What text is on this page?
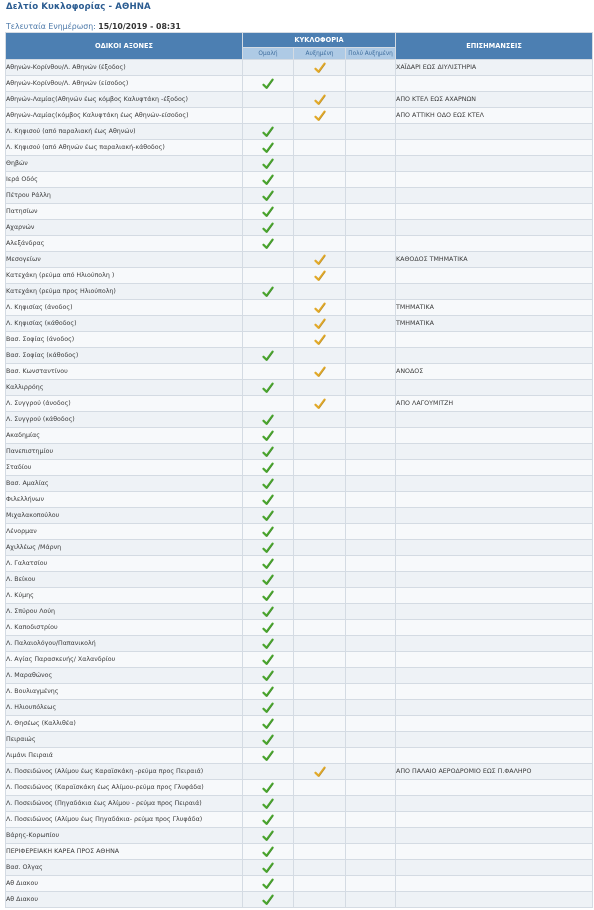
Δελτίο Κυκλοφορίας - ΑΘΗΝΑ
Τελευταία Ενημέρωση: 15/10/2019 - 08:31
ΟΔΙΚΟΙ ΑΞΟΝΕΣ	ΚΥΚΛΟΦΟΡΙΑ			ΕΠΙΣΗΜΑΝΣΕΙΣ
	Ομαλή	Αυξημένη	Πολύ Αυξημένη	
Αθηνών-Κορίνθου/Λ. Αθηνών (έξοδος)				ΧΑΪΔΑΡΙ ΕΩΣ ΔΙΥΛΙΣΤΗΡΙΑ
Αθηνών-Κορίνθου/Λ. Αθηνών (είσοδος)	

Αθηνών-Λαμίας(Αθηνών έως κόμβος Καλυφτάκη -έξοδος)				ΑΠΟ ΚΤΕΛ ΕΩΣ ΑΧΑΡΝΩΝ
Αθηνών-Λαμίας(κόμβος Καλυφτάκη έως Αθηνών-είσοδος)				ΑΠΟ ΑΤΤΙΚΗ ΟΔΟ ΕΩΣ ΚΤΕΛ
Λ. Κηφισού (από παραλιακή έως Αθηνών)	

Λ. Κηφισού (από Αθηνών έως παραλιακή-κάθοδος)	

Θηβών	

Ιερά Οδός	

Πέτρου Ράλλη	

Πατησίων	

Αχαρνών	

Αλεξάνδρας	

Μεσογείων				ΚΑΘΟΔΟΣ ΤΜΗΜΑΤΙΚΑ
Κατεχάκη (ρεύμα από Ηλιούπολη )		

Κατεχάκη (ρεύμα προς Ηλιούπολη)	

Λ. Κηφισίας (άνοδος)				ΤΜΗΜΑΤΙΚΑ
Λ. Κηφισίας (κάθοδος)				ΤΜΗΜΑΤΙΚΑ
Βασ. Σοφίας (άνοδος)		

Βασ. Σοφίας (κάθοδος)	

Βασ. Κωνσταντίνου				ΑΝΟΔΟΣ
Καλλιρρόης	

Λ. Συγγρού (άνοδος)				ΑΠΟ ΛΑΓΟΥΜΙΤΖΗ
Λ. Συγγρού (κάθοδος)	

Ακαδημίας	

Πανεπιστημίου	

Σταδίου	

Βασ. Αμαλίας	

Φιλελλήνων	

Μιχαλακοπούλου	

Λένορμαν	

Αχιλλέως /Μάρνη	

Λ. Γαλατσίου	

Λ. Βείκου	

Λ. Κύμης	

Λ. Σπύρου Λούη	

Λ. Καποδιστρίου	

Λ. Παλαιολόγου/Παπανικολή	

Λ. Αγίας Παρασκευής/ Χαλανδρίου	

Λ. Μαραθώνος	

Λ. Βουλιαγμένης	

Λ. Ηλιουπόλεως	

Λ. Θησέως (Καλλιθέα)	

Πειραιώς	

Λιμάνι Πειραιά	

Λ. Ποσειδώνος (Αλίμου έως Καραϊσκάκη -ρεύμα προς Πειραιά)				ΑΠΟ ΠΑΛΑΙΟ ΑΕΡΟΔΡΟΜΙΟ ΕΩΣ Π.ΦΑΛΗΡΟ
Λ. Ποσειδώνος (Καραϊσκάκη έως Αλίμου-ρεύμα προς Γλυφάδα)	

Λ. Ποσειδώνος (Πηγαδάκια έως Αλίμου - ρεύμα προς Πειραιά)	

Λ. Ποσειδώνος (Αλίμου έως Πηγαδάκια- ρεύμα προς Γλυφάδα)	

Βάρης-Κορωπίου	

ΠΕΡΙΦΕΡΕΙΑΚΗ ΚΑΡΕΑ ΠΡΟΣ ΑΘΗΝΑ	

Βασ. Ολγας	

Αθ Διακου	

Αθ Διακου	
